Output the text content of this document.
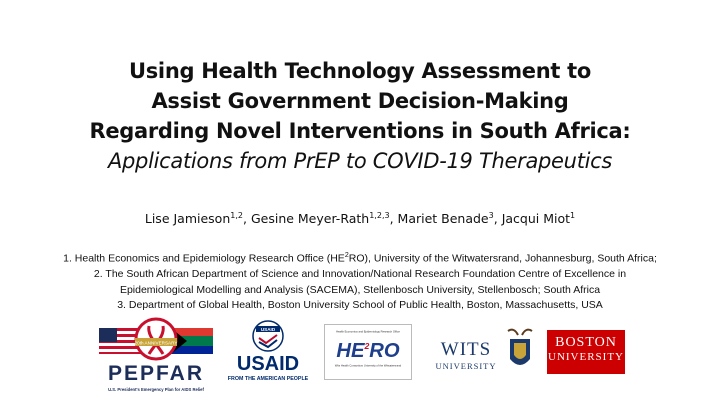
Using Health Technology Assessment to
Assist Government Decision-Making
Regarding Novel Interventions in South Africa:
Applications from PrEP to COVID-19 Therapeutics
Lise Jamieson$^{1,2}$, Gesine Meyer-Rath$^{1,2,3}$, Mariet Benade$^3$, Jacqui Miot$^1$
1. Health Economics and Epidemiology Research Office $(HE^2RO)$, University of the Witwatersrand, Johannesburg, South Africa;
2. The South African Department of Science and Innovation/National Research Foundation Centre of Excellence in
Epidemiological Modelling and Analysis (SACEMA), Stellenbosch University, Stellenbosch; South Africa
3. Department of Global Health, Boston University School of Public Health, Boston, Massachusetts, USA
20th ANNIVERSARY
PEPFAR
U.S. President's Emergency Plan for AIDS Relief
USAID
USAID
FROM THE AMERICAN PEOPLE
Health Economics and Epidemiology Research Office
$HE^2RO$
Wits Health Consortium University of the Witwatersrand
WITS
UNIVERSITY
BOSTON
UNIVERSITY
